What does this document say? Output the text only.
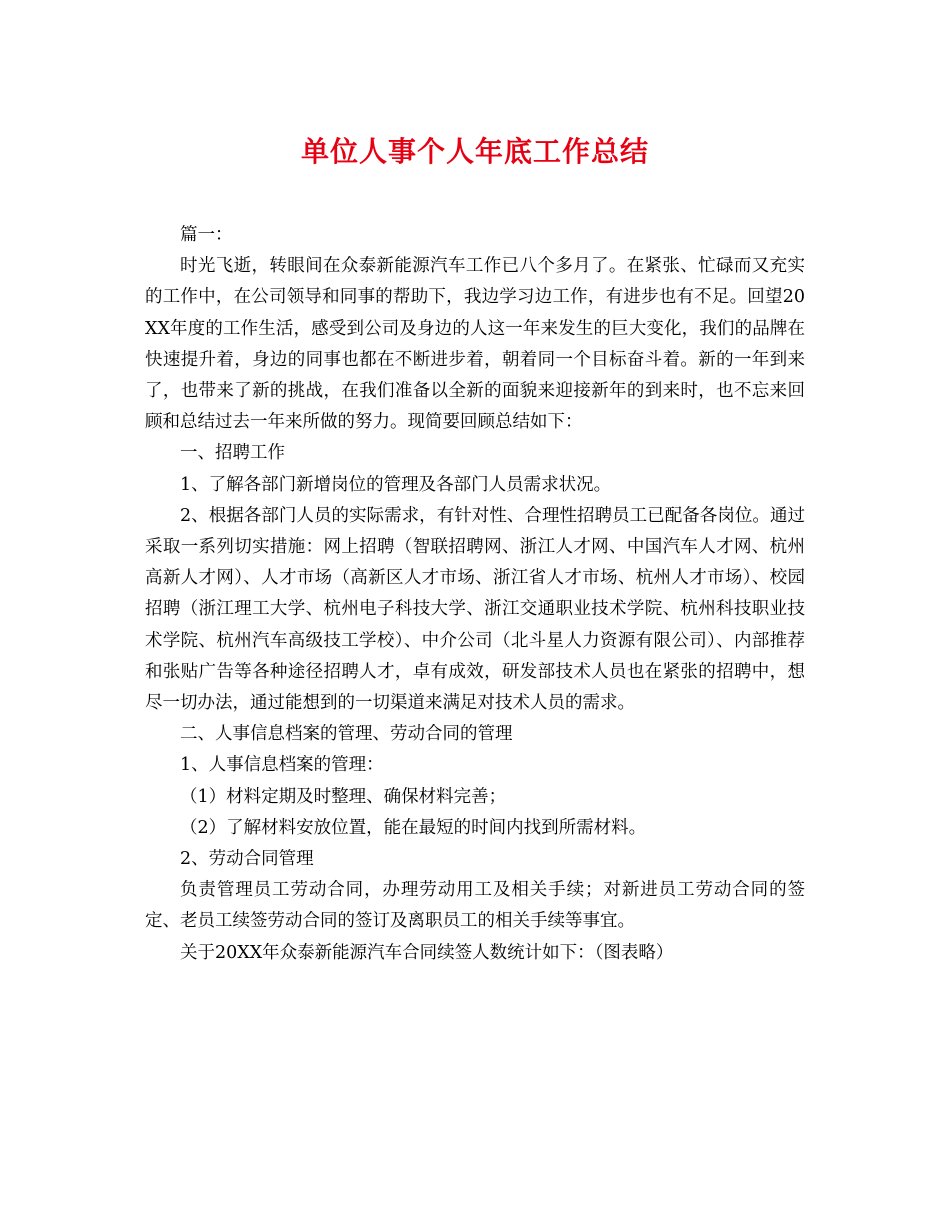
单位人事个人年底工作总结

篇一：

时光飞逝，转眼间在众泰新能源汽车工作已八个多月了。在紧张、忙碌而又充实的工作中，在公司领导和同事的帮助下，我边学习边工作，有进步也有不足。回望20XX年度的工作生活，感受到公司及身边的人这一年来发生的巨大变化，我们的品牌在快速提升着，身边的同事也都在不断进步着，朝着同一个目标奋斗着。新的一年到来了，也带来了新的挑战，在我们准备以全新的面貌来迎接新年的到来时，也不忘来回顾和总结过去一年来所做的努力。现简要回顾总结如下：

一、招聘工作

1、了解各部门新增岗位的管理及各部门人员需求状况。

2、根据各部门人员的实际需求，有针对性、合理性招聘员工已配备各岗位。通过采取一系列切实措施：网上招聘（智联招聘网、浙江人才网、中国汽车人才网、杭州高新人才网）、人才市场（高新区人才市场、浙江省人才市场、杭州人才市场）、校园招聘（浙江理工大学、杭州电子科技大学、浙江交通职业技术学院、杭州科技职业技术学院、杭州汽车高级技工学校）、中介公司（北斗星人力资源有限公司）、内部推荐和张贴广告等各种途径招聘人才，卓有成效，研发部技术人员也在紧张的招聘中，想尽一切办法，通过能想到的一切渠道来满足对技术人员的需求。

二、人事信息档案的管理、劳动合同的管理

1、人事信息档案的管理：

（1）材料定期及时整理、确保材料完善；

（2）了解材料安放位置，能在最短的时间内找到所需材料。

2、劳动合同管理

负责管理员工劳动合同，办理劳动用工及相关手续；对新进员工劳动合同的签定、老员工续签劳动合同的签订及离职员工的相关手续等事宜。

关于20XX年众泰新能源汽车合同续签人数统计如下：（图表略）
